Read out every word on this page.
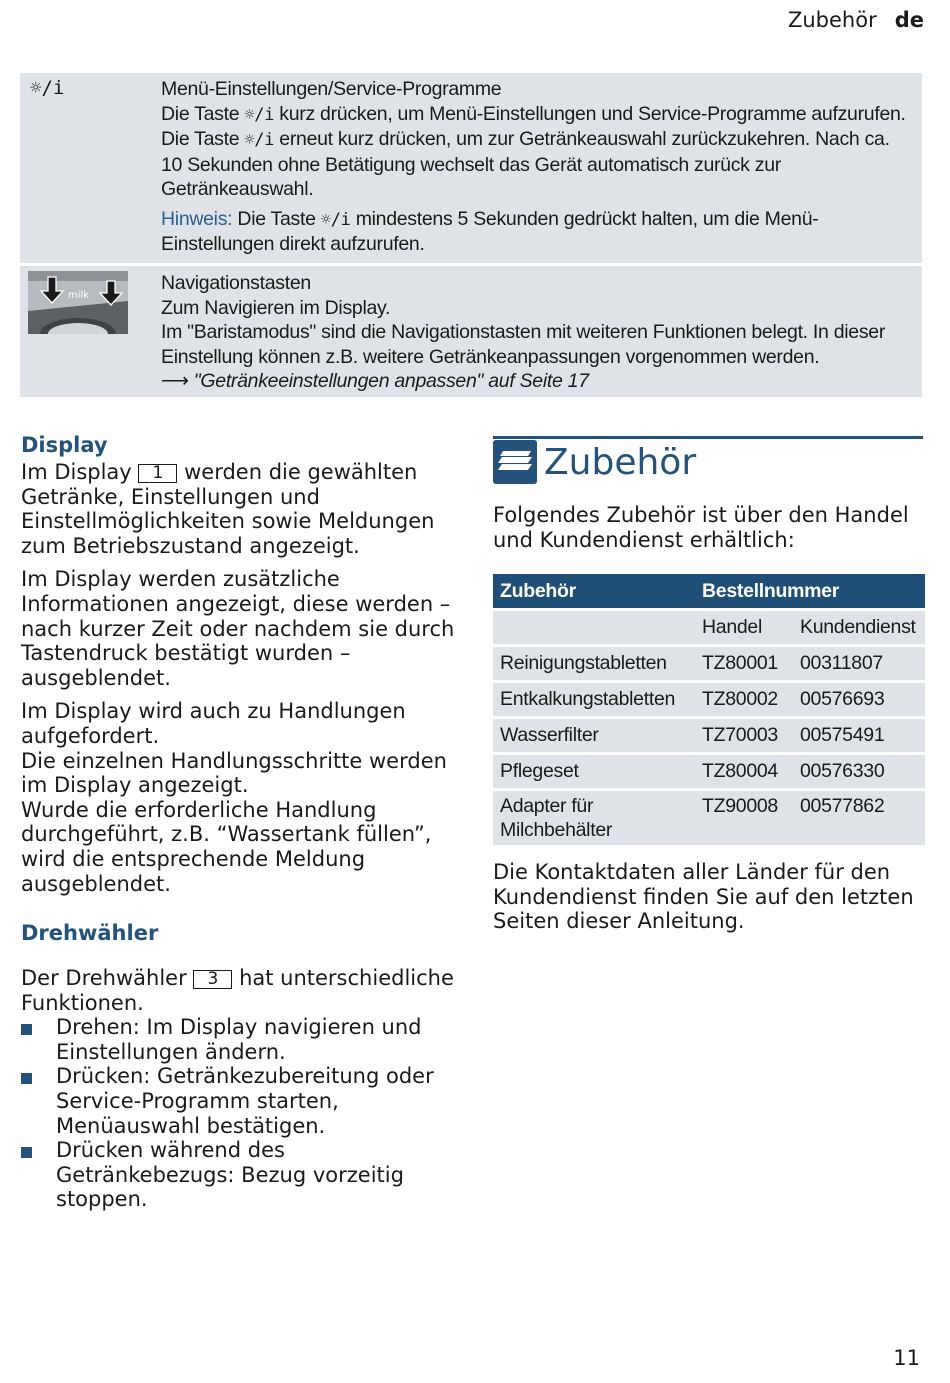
Zubehör de
☼/i	Menü-Einstellungen/Service-Programme

Die Taste ☼/i kurz drücken, um Menü-Einstellungen und Service-Programme aufzurufen.

Die Taste ☼/i erneut kurz drücken, um zur Getränkeauswahl zurückzukehren. Nach ca. 10 Sekunden ohne Betätigung wechselt das Gerät automatisch zurück zur Getränkeauswahl.

Hinweis: Die Taste ☼/i mindestens 5 Sekunden gedrückt halten, um die Menü-Einstellungen direkt aufzurufen.

milk

Navigationstasten

Zum Navigieren im Display.

Im "Baristamodus" sind die Navigationstasten mit weiteren Funktionen belegt. In dieser Einstellung können z.B. weitere Getränkeanpassungen vorgenommen werden.

⟶ "Getränkeeinstellungen anpassen" auf Seite 17

Display

Im Display 1 werden die gewählten Getränke, Einstellungen und Einstellmöglichkeiten sowie Meldungen zum Betriebszustand angezeigt.

Im Display werden zusätzliche Informationen angezeigt, diese werden – nach kurzer Zeit oder nachdem sie durch Tastendruck bestätigt wurden – ausgeblendet.

Im Display wird auch zu Handlungen aufgefordert.

Die einzelnen Handlungsschritte werden im Display angezeigt.

Wurde die erforderliche Handlung durchgeführt, z.B. “Wassertank füllen”, wird die entsprechende Meldung ausgeblendet.

Drehwähler

Der Drehwähler 3 hat unterschiedliche Funktionen.

Drehen: Im Display navigieren und Einstellungen ändern.
Drücken: Getränkezubereitung oder Service-Programm starten, Menüauswahl bestätigen.
Drücken während des Getränkebezugs: Bezug vorzeitig stoppen.
Zubehör

Folgendes Zubehör ist über den Handel und Kundendienst erhältlich:

Zubehör	Bestellnummer	
	Handel	Kundendienst
Reinigungstabletten	TZ80001	00311807
Entkalkungstabletten	TZ80002	00576693
Wasserfilter	TZ70003	00575491
Pflegeset	TZ80004	00576330
Adapter für Milchbehälter	TZ90008	00577862

Die Kontaktdaten aller Länder für den Kundendienst finden Sie auf den letzten Seiten dieser Anleitung.

11
